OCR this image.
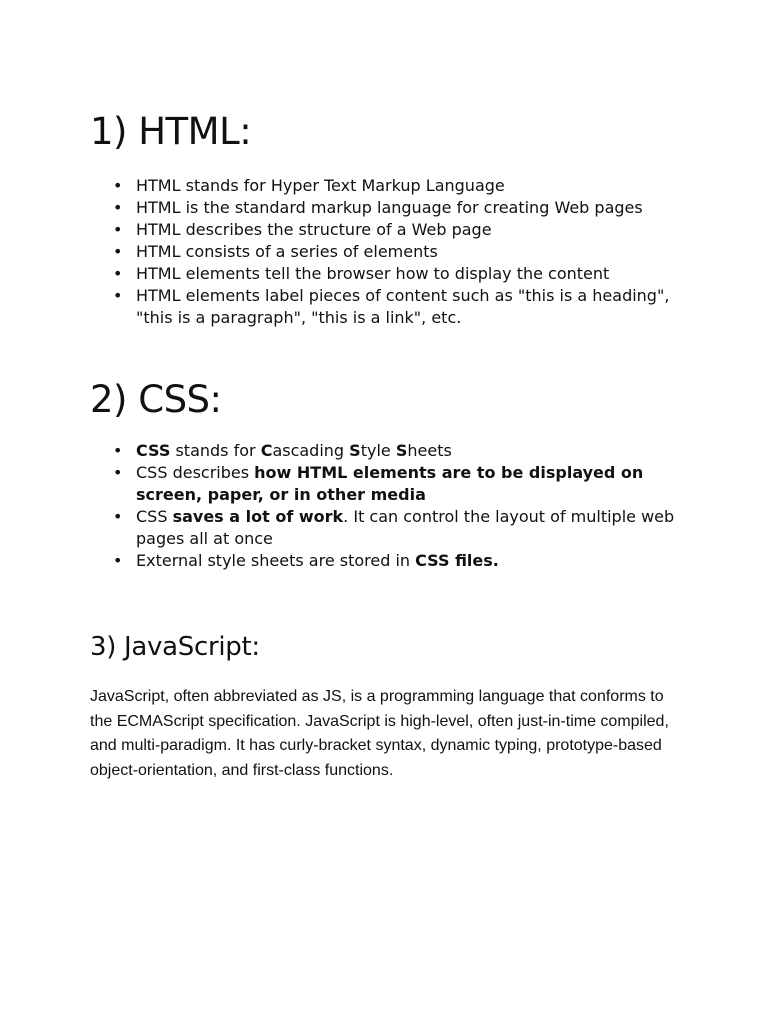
1) HTML:
• HTML stands for Hyper Text Markup Language
• HTML is the standard markup language for creating Web pages
• HTML describes the structure of a Web page
• HTML consists of a series of elements
• HTML elements tell the browser how to display the content
• HTML elements label pieces of content such as "this is a heading", "this is a paragraph", "this is a link", etc.
2) CSS:
• CSS stands for Cascading Style Sheets
• CSS describes how HTML elements are to be displayed on screen, paper, or in other media
• CSS saves a lot of work. It can control the layout of multiple web pages all at once
• External style sheets are stored in CSS files.
3) JavaScript:

JavaScript, often abbreviated as JS, is a programming language that conforms to the ECMAScript specification. JavaScript is high-level, often just-in-time compiled, and multi-paradigm. It has curly-bracket syntax, dynamic typing, prototype-based object-orientation, and first-class functions.
